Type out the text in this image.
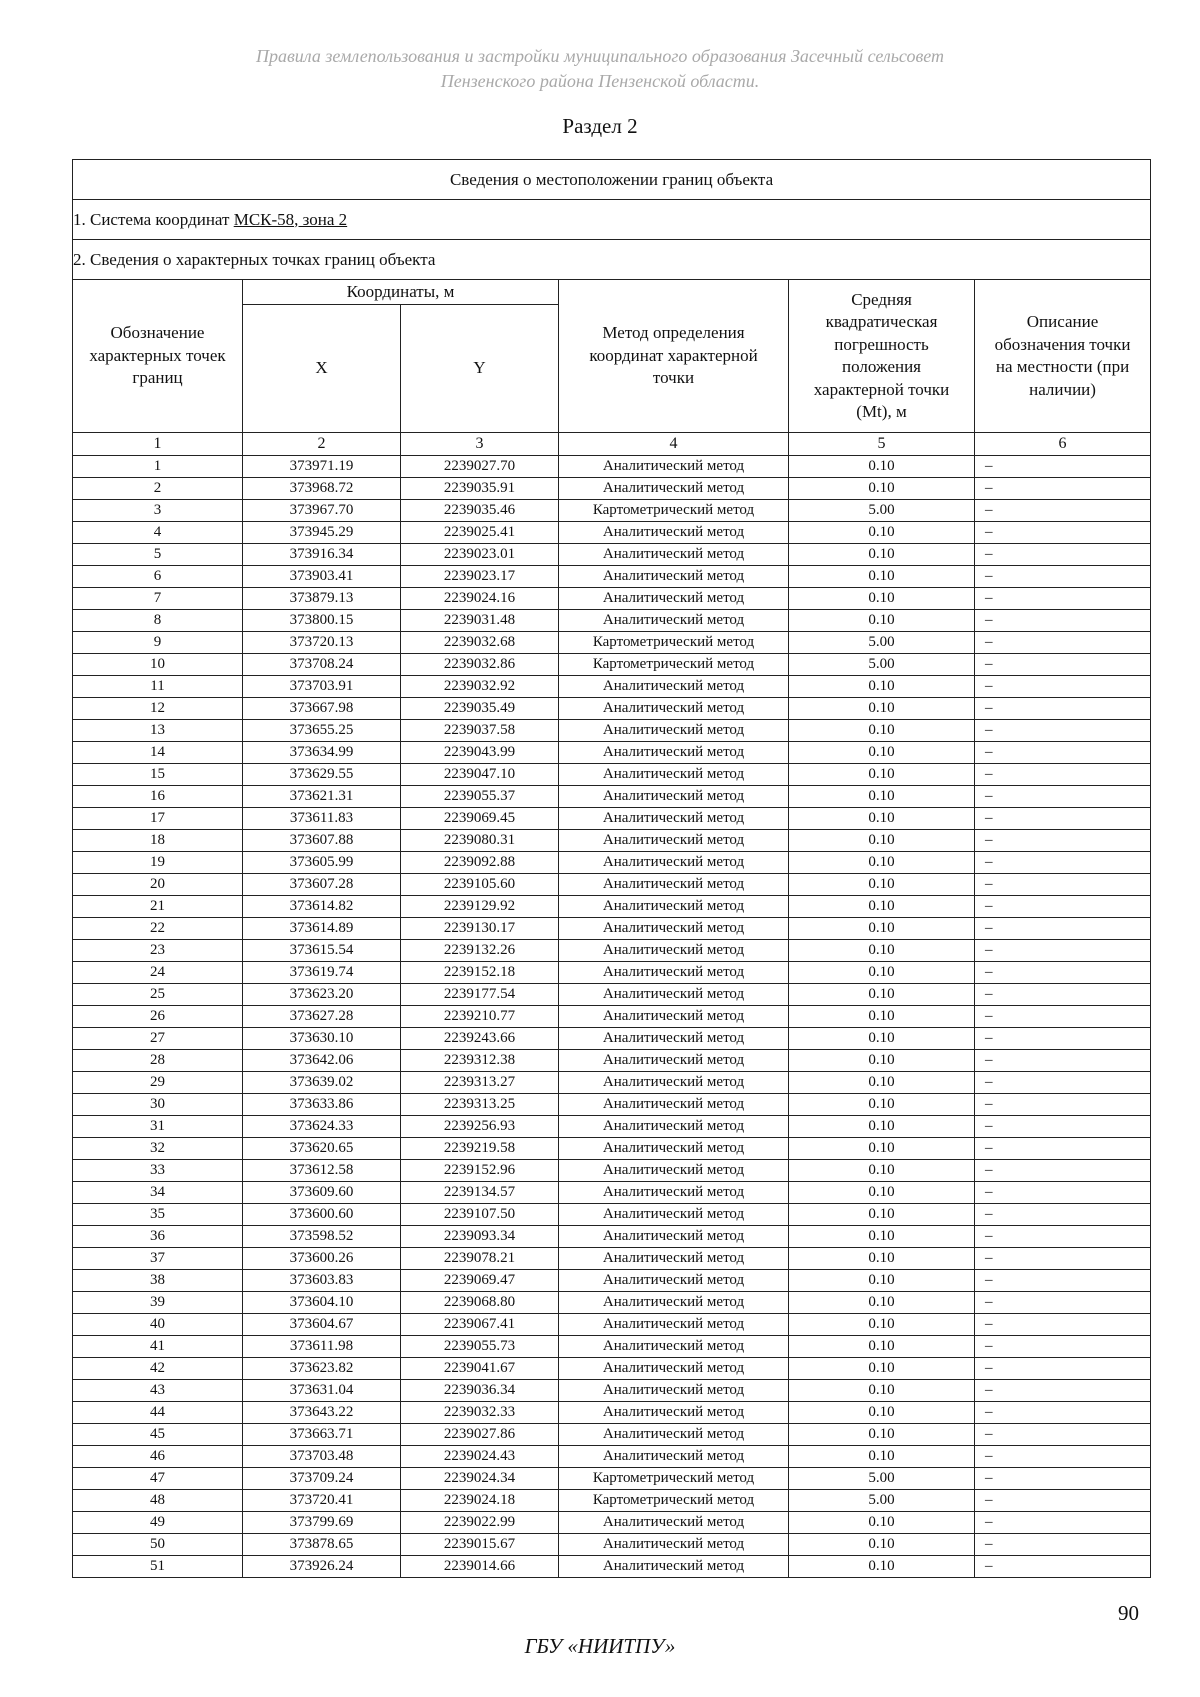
Правила землепользования и застройки муниципального образования Засечный сельсовет
Пензенского района Пензенской области.
Раздел 2
Сведения о местоположении границ объекта					
1. Система координат МСК-58, зона 2					
2. Сведения о характерных точках границ объекта					
Обозначение характерных точек границ	Координаты, м		Метод определения координат характерной точки	Средняя квадратическая погрешность положения характерной точки (Mt), м	Описание обозначения точки на местности (при наличии)
	X	Y			
1	2	3	4	5	6
1	373971.19	2239027.70	Аналитический метод	0.10	–
2	373968.72	2239035.91	Аналитический метод	0.10	–
3	373967.70	2239035.46	Картометрический метод	5.00	–
4	373945.29	2239025.41	Аналитический метод	0.10	–
5	373916.34	2239023.01	Аналитический метод	0.10	–
6	373903.41	2239023.17	Аналитический метод	0.10	–
7	373879.13	2239024.16	Аналитический метод	0.10	–
8	373800.15	2239031.48	Аналитический метод	0.10	–
9	373720.13	2239032.68	Картометрический метод	5.00	–
10	373708.24	2239032.86	Картометрический метод	5.00	–
11	373703.91	2239032.92	Аналитический метод	0.10	–
12	373667.98	2239035.49	Аналитический метод	0.10	–
13	373655.25	2239037.58	Аналитический метод	0.10	–
14	373634.99	2239043.99	Аналитический метод	0.10	–
15	373629.55	2239047.10	Аналитический метод	0.10	–
16	373621.31	2239055.37	Аналитический метод	0.10	–
17	373611.83	2239069.45	Аналитический метод	0.10	–
18	373607.88	2239080.31	Аналитический метод	0.10	–
19	373605.99	2239092.88	Аналитический метод	0.10	–
20	373607.28	2239105.60	Аналитический метод	0.10	–
21	373614.82	2239129.92	Аналитический метод	0.10	–
22	373614.89	2239130.17	Аналитический метод	0.10	–
23	373615.54	2239132.26	Аналитический метод	0.10	–
24	373619.74	2239152.18	Аналитический метод	0.10	–
25	373623.20	2239177.54	Аналитический метод	0.10	–
26	373627.28	2239210.77	Аналитический метод	0.10	–
27	373630.10	2239243.66	Аналитический метод	0.10	–
28	373642.06	2239312.38	Аналитический метод	0.10	–
29	373639.02	2239313.27	Аналитический метод	0.10	–
30	373633.86	2239313.25	Аналитический метод	0.10	–
31	373624.33	2239256.93	Аналитический метод	0.10	–
32	373620.65	2239219.58	Аналитический метод	0.10	–
33	373612.58	2239152.96	Аналитический метод	0.10	–
34	373609.60	2239134.57	Аналитический метод	0.10	–
35	373600.60	2239107.50	Аналитический метод	0.10	–
36	373598.52	2239093.34	Аналитический метод	0.10	–
37	373600.26	2239078.21	Аналитический метод	0.10	–
38	373603.83	2239069.47	Аналитический метод	0.10	–
39	373604.10	2239068.80	Аналитический метод	0.10	–
40	373604.67	2239067.41	Аналитический метод	0.10	–
41	373611.98	2239055.73	Аналитический метод	0.10	–
42	373623.82	2239041.67	Аналитический метод	0.10	–
43	373631.04	2239036.34	Аналитический метод	0.10	–
44	373643.22	2239032.33	Аналитический метод	0.10	–
45	373663.71	2239027.86	Аналитический метод	0.10	–
46	373703.48	2239024.43	Аналитический метод	0.10	–
47	373709.24	2239024.34	Картометрический метод	5.00	–
48	373720.41	2239024.18	Картометрический метод	5.00	–
49	373799.69	2239022.99	Аналитический метод	0.10	–
50	373878.65	2239015.67	Аналитический метод	0.10	–
51	373926.24	2239014.66	Аналитический метод	0.10	–
90
ГБУ «НИИТПУ»
